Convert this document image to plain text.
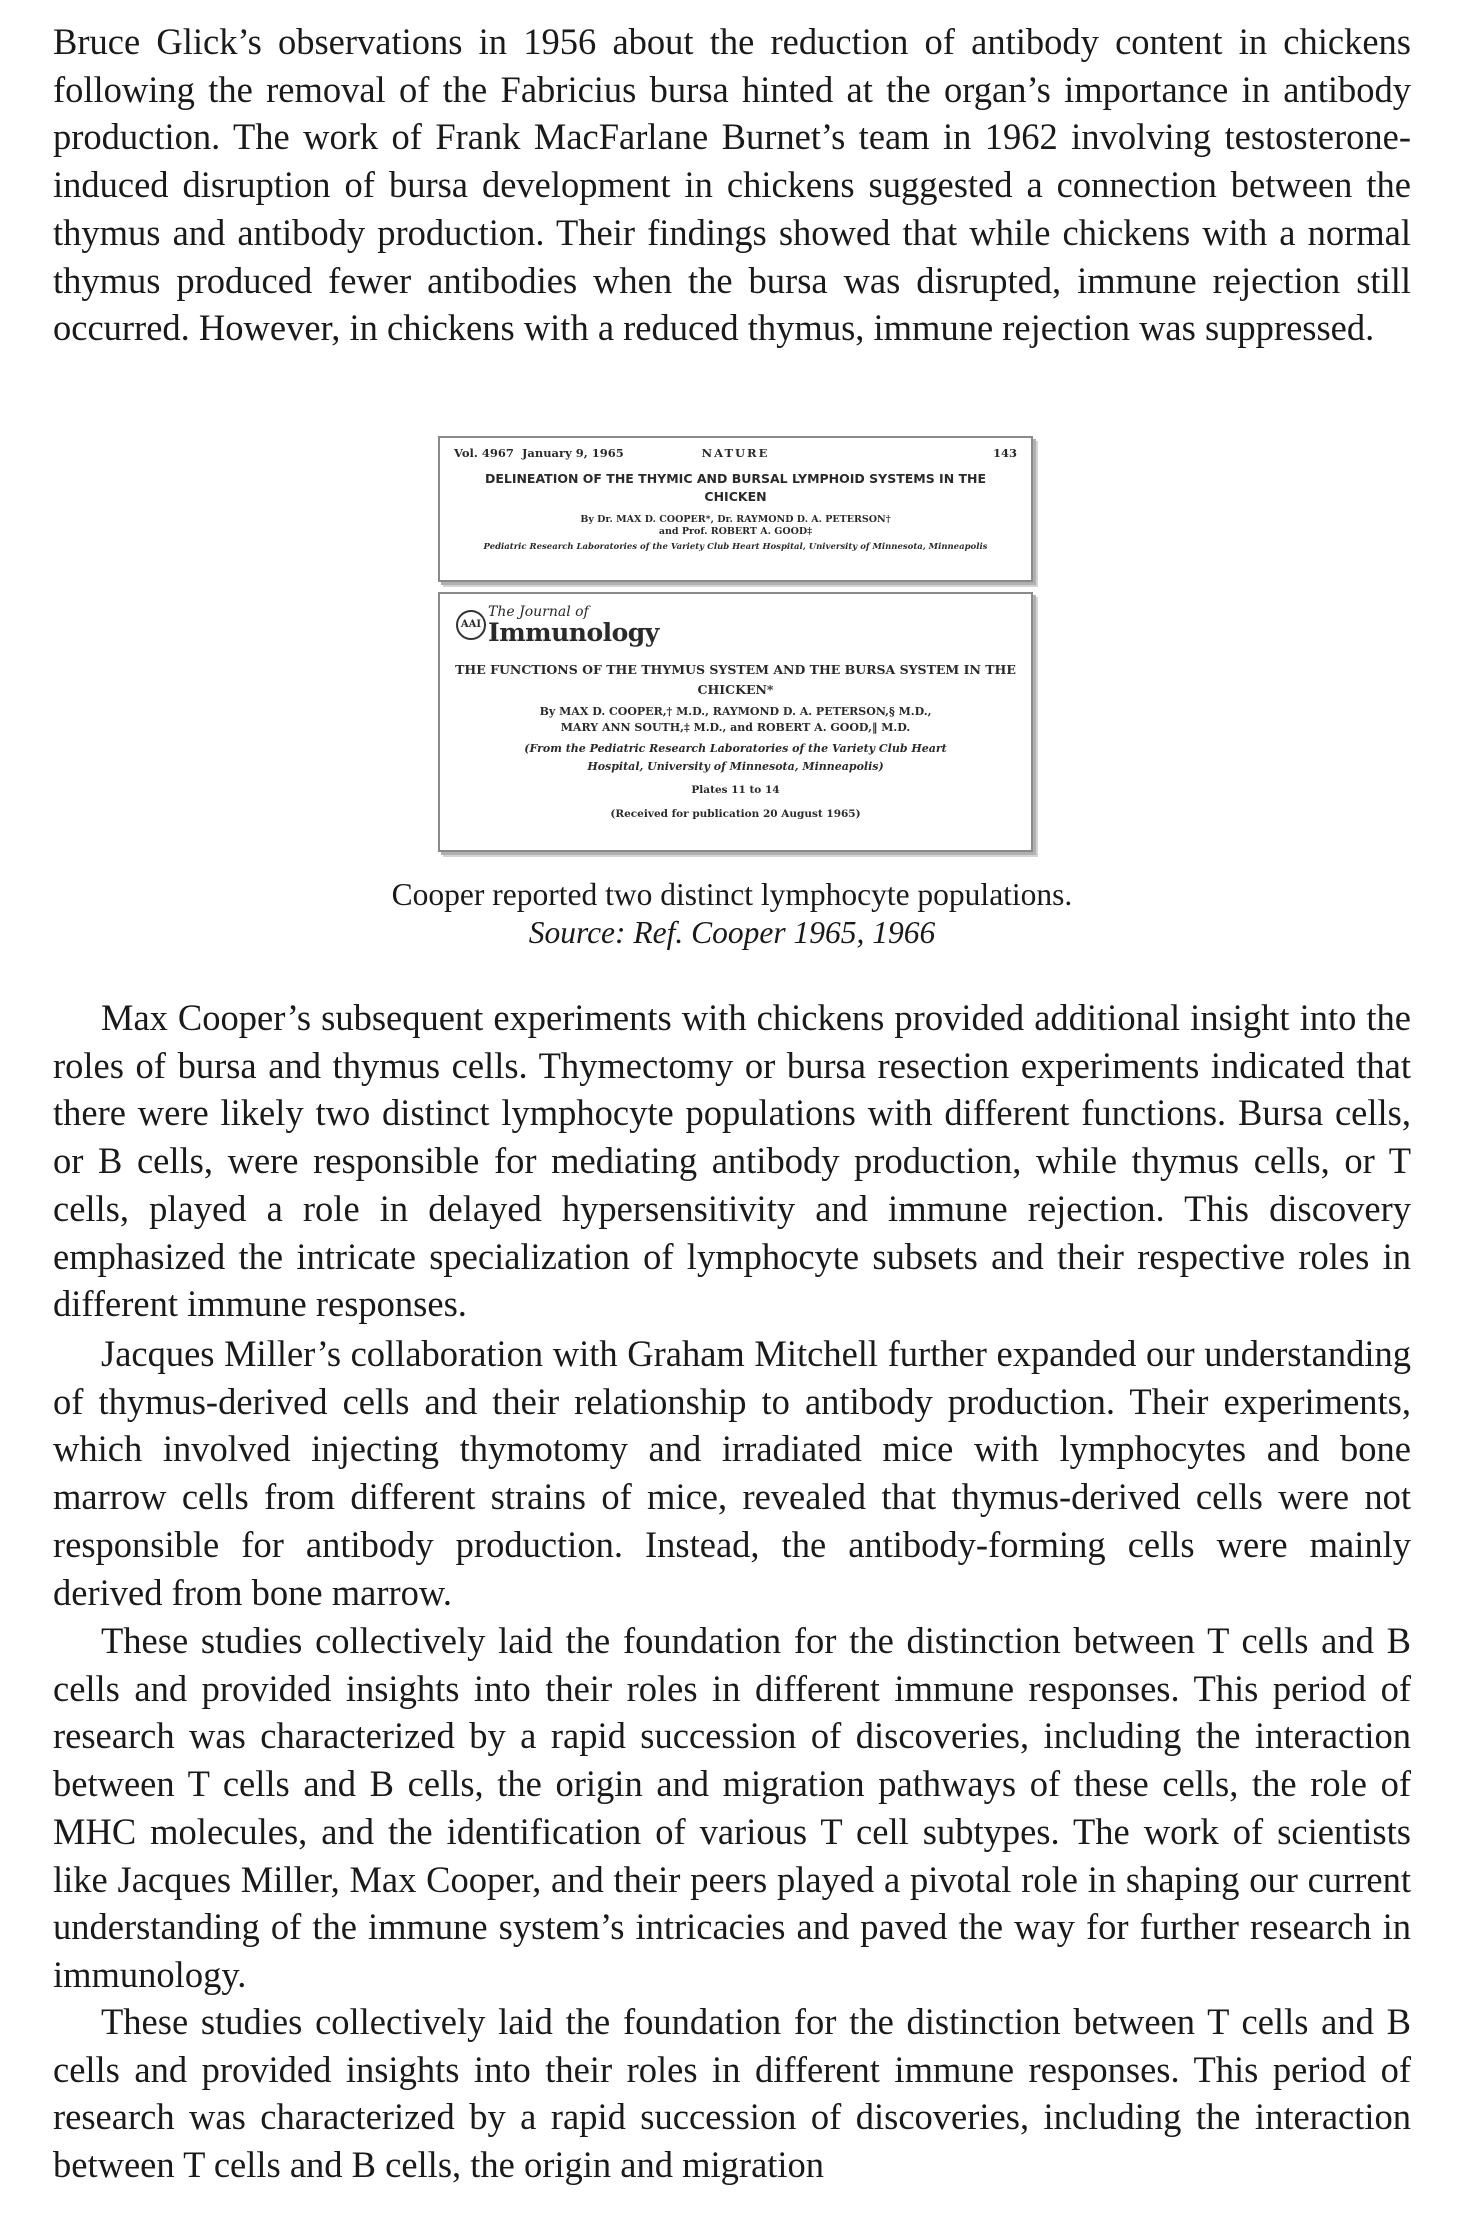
Bruce Glick’s observations in 1956 about the reduction of antibody content in chickens following the removal of the Fabricius bursa hinted at the organ’s importance in antibody production. The work of Frank MacFarlane Burnet’s team in 1962 involving testosterone-induced disruption of bursa development in chickens suggested a connection between the thymus and antibody production. Their findings showed that while chickens with a normal thymus produced fewer antibodies when the bursa was disrupted, immune rejection still occurred. However, in chickens with a reduced thymus, immune rejection was suppressed.

Vol. 4967 January 9, 1965	NATURE	143
DELINEATION OF THE THYMIC AND BURSAL LYMPHOID SYSTEMS IN THE CHICKEN
By Dr. MAX D. COOPER*, Dr. RAYMOND D. A. PETERSON†
and Prof. ROBERT A. GOOD‡
Pediatric Research Laboratories of the Variety Club Heart Hospital, University of Minnesota, Minneapolis
AAI
The Journal of
Immunology
THE FUNCTIONS OF THE THYMUS SYSTEM AND THE BURSA SYSTEM IN THE CHICKEN*
By MAX D. COOPER,† M.D., RAYMOND D. A. PETERSON,§ M.D.,
MARY ANN SOUTH,‡ M.D., and ROBERT A. GOOD,‖ M.D.
(From the Pediatric Research Laboratories of the Variety Club Heart
Hospital, University of Minnesota, Minneapolis)
Plates 11 to 14
(Received for publication 20 August 1965)
Cooper reported two distinct lymphocyte populations.
Source: Ref. Cooper 1965, 1966

Max Cooper’s subsequent experiments with chickens provided additional insight into the roles of bursa and thymus cells. Thymectomy or bursa resection experiments indicated that there were likely two distinct lymphocyte populations with different functions. Bursa cells, or B cells, were responsible for mediating antibody production, while thymus cells, or T cells, played a role in delayed hypersensitivity and immune rejection. This discovery emphasized the intricate specialization of lymphocyte subsets and their respective roles in different immune responses.

Jacques Miller’s collaboration with Graham Mitchell further expanded our understanding of thymus-derived cells and their relationship to antibody production. Their experiments, which involved injecting thymotomy and irradiated mice with lymphocytes and bone marrow cells from different strains of mice, revealed that thymus-derived cells were not responsible for antibody production. Instead, the antibody-forming cells were mainly derived from bone marrow.

These studies collectively laid the foundation for the distinction between T cells and B cells and provided insights into their roles in different immune responses. This period of research was characterized by a rapid succession of discoveries, including the interaction between T cells and B cells, the origin and migration pathways of these cells, the role of MHC molecules, and the identification of various T cell subtypes. The work of scientists like Jacques Miller, Max Cooper, and their peers played a pivotal role in shaping our current understanding of the immune system’s intricacies and paved the way for further research in immunology.

These studies collectively laid the foundation for the distinction between T cells and B cells and provided insights into their roles in different immune responses. This period of research was characterized by a rapid succession of discoveries, including the interaction between T cells and B cells, the origin and migration
